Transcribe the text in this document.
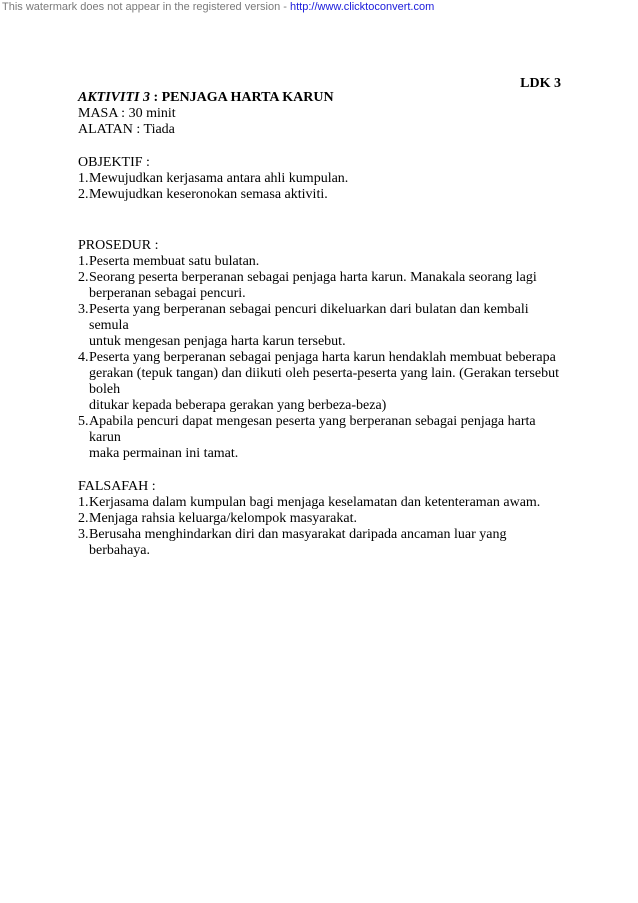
This watermark does not appear in the registered version - http://www.clicktoconvert.com
LDK 3

AKTIVITI 3 : PENJAGA HARTA KARUN

MASA : 30 minit

ALATAN : Tiada

OBJEKTIF :

1. Mewujudkan kerjasama antara ahli kumpulan.
2. Mewujudkan keseronokan semasa aktiviti.

PROSEDUR :

1. Peserta membuat satu bulatan.
2. Seorang peserta berperanan sebagai penjaga harta karun. Manakala seorang lagi
berperanan sebagai pencuri.
3. Peserta yang berperanan sebagai pencuri dikeluarkan dari bulatan dan kembali semula
untuk mengesan penjaga harta karun tersebut.
4. Peserta yang berperanan sebagai penjaga harta karun hendaklah membuat beberapa
gerakan (tepuk tangan) dan diikuti oleh peserta-peserta yang lain. (Gerakan tersebut boleh
ditukar kepada beberapa gerakan yang berbeza-beza)
5. Apabila pencuri dapat mengesan peserta yang berperanan sebagai penjaga harta karun
maka permainan ini tamat.

FALSAFAH :

1. Kerjasama dalam kumpulan bagi menjaga keselamatan dan ketenteraman awam.
2. Menjaga rahsia keluarga/kelompok masyarakat.
3. Berusaha menghindarkan diri dan masyarakat daripada ancaman luar yang berbahaya.
